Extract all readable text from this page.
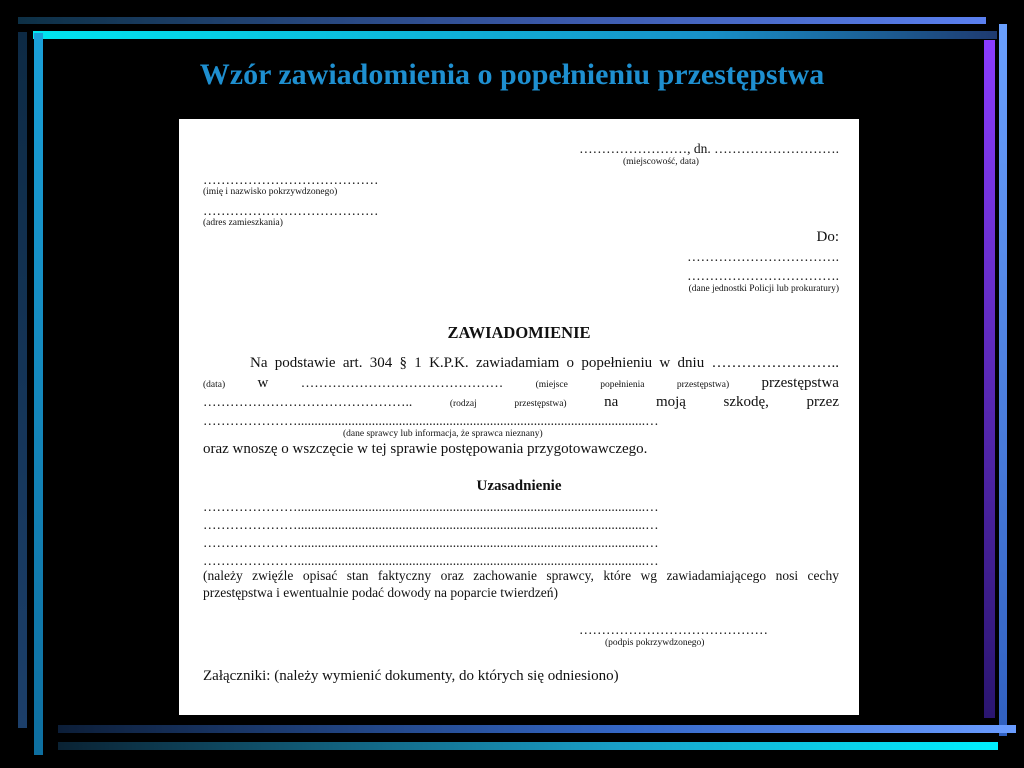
Wzór zawiadomienia o popełnieniu przestępstwa
……………………, dn. ……………………….
(miejscowość, data)
…………………………………
(imię i nazwisko pokrzywdzonego)
…………………………………
(adres zamieszkania)
Do:
…………………………….
…………………………….
(dane jednostki Policji lub prokuratury)
ZAWIADOMIENIE
Na podstawie art. 304 § 1 K.P.K. zawiadamiam o popełnieniu w dniu ……………………..
(data) w ………………………………………	(miejsce	popełnienia	przestępstwa) przestępstwa
………………………………………..	(rodzaj	przestępstwa)	na	moją	szkodę,	przez
………………….......................................................................................................…
(dane sprawcy lub informacja, że sprawca nieznany)
oraz wnoszę o wszczęcie w tej sprawie postępowania przygotowawczego.
Uzasadnienie
………………….......................................................................................................…
………………….......................................................................................................…
………………….......................................................................................................…
………………….......................................................................................................…
(należy zwięźle opisać stan faktyczny oraz zachowanie sprawcy, które wg zawiadamiającego nosi cechy
przestępstwa i ewentualnie podać dowody na poparcie twierdzeń)
……………………………………
(podpis pokrzywdzonego)
Załączniki: (należy wymienić dokumenty, do których się odniesiono)
